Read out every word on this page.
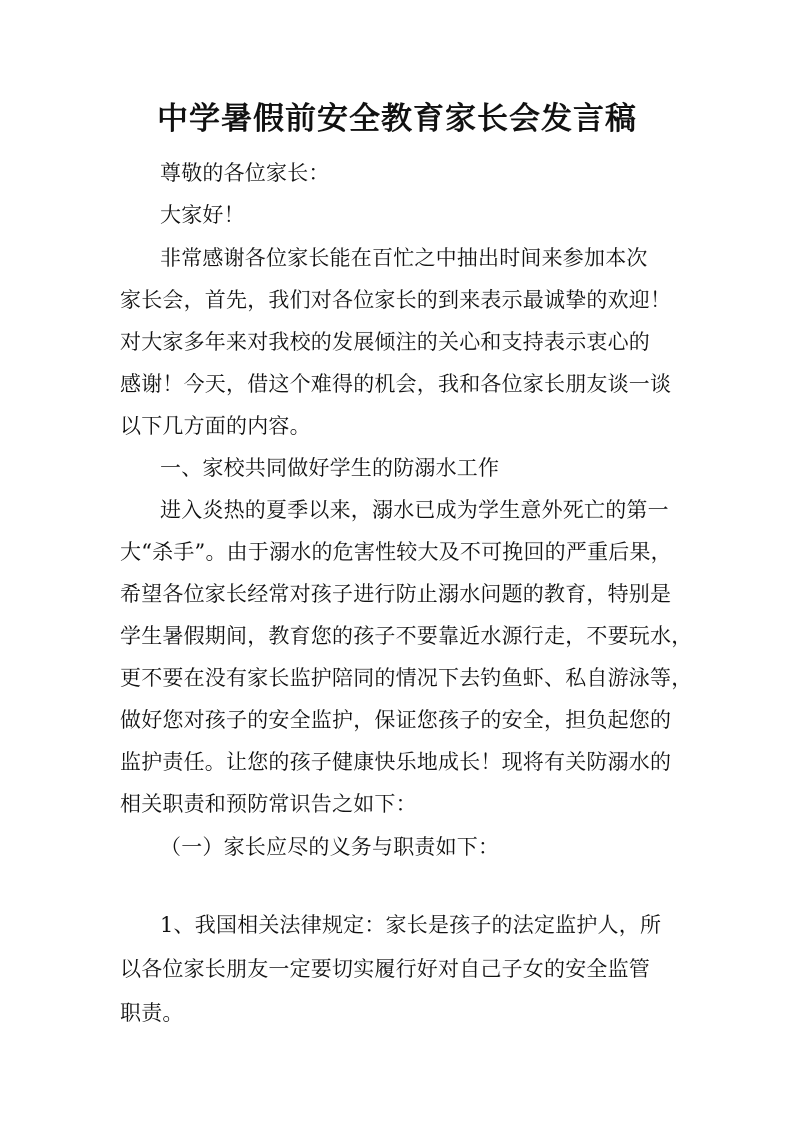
中学暑假前安全教育家长会发言稿
尊敬的各位家长：
大家好！
非常感谢各位家长能在百忙之中抽出时间来参加本次
家长会，首先，我们对各位家长的到来表示最诚挚的欢迎！
对大家多年来对我校的发展倾注的关心和支持表示衷心的
感谢！今天，借这个难得的机会，我和各位家长朋友谈一谈
以下几方面的内容。
一、家校共同做好学生的防溺水工作
进入炎热的夏季以来，溺水已成为学生意外死亡的第一
大“杀手”。由于溺水的危害性较大及不可挽回的严重后果，
希望各位家长经常对孩子进行防止溺水问题的教育，特别是
学生暑假期间，教育您的孩子不要靠近水源行走，不要玩水，
更不要在没有家长监护陪同的情况下去钓鱼虾、私自游泳等，
做好您对孩子的安全监护，保证您孩子的安全，担负起您的
监护责任。让您的孩子健康快乐地成长！现将有关防溺水的
相关职责和预防常识告之如下：
（一）家长应尽的义务与职责如下：
1、我国相关法律规定：家长是孩子的法定监护人，所
以各位家长朋友一定要切实履行好对自己子女的安全监管
职责。
